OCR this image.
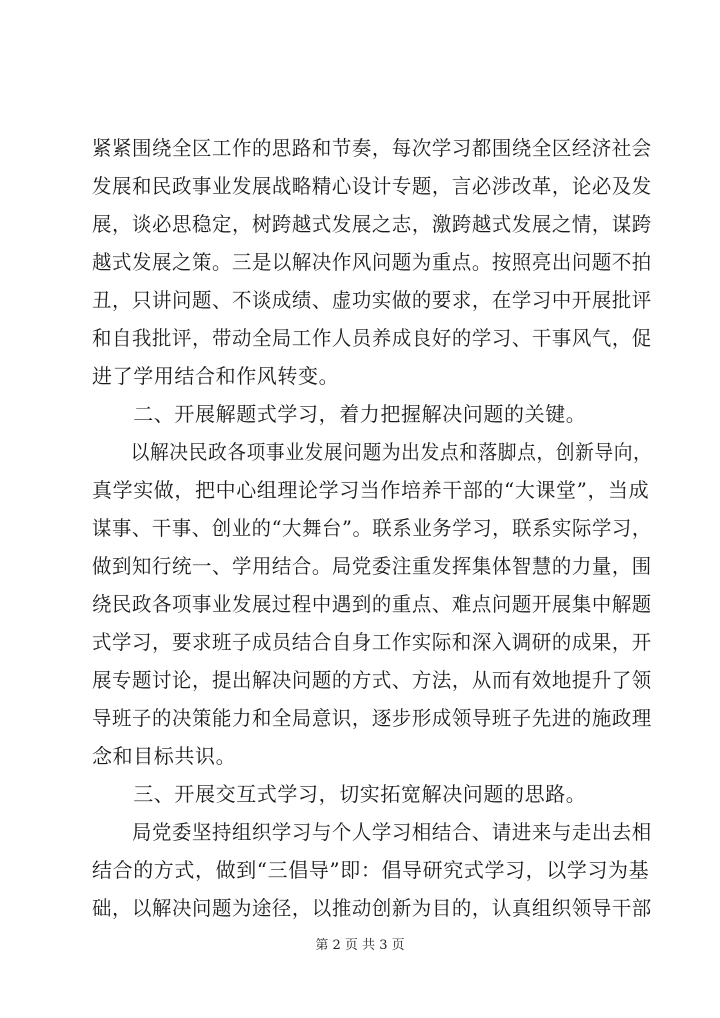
紧紧围绕全区工作的思路和节奏，每次学习都围绕全区经济社会
发展和民政事业发展战略精心设计专题，言必涉改革，论必及发
展，谈必思稳定，树跨越式发展之志，激跨越式发展之情，谋跨
越式发展之策。三是以解决作风问题为重点。按照亮出问题不拍
丑，只讲问题、不谈成绩、虚功实做的要求，在学习中开展批评
和自我批评，带动全局工作人员养成良好的学习、干事风气，促
进了学用结合和作风转变。
　　二、开展解题式学习，着力把握解决问题的关键。
　　以解决民政各项事业发展问题为出发点和落脚点，创新导向，
真学实做，把中心组理论学习当作培养干部的“大课堂”，当成
谋事、干事、创业的“大舞台”。联系业务学习，联系实际学习，
做到知行统一、学用结合。局党委注重发挥集体智慧的力量，围
绕民政各项事业发展过程中遇到的重点、难点问题开展集中解题
式学习，要求班子成员结合自身工作实际和深入调研的成果，开
展专题讨论，提出解决问题的方式、方法，从而有效地提升了领
导班子的决策能力和全局意识，逐步形成领导班子先进的施政理
念和目标共识。
　　三、开展交互式学习，切实拓宽解决问题的思路。
　　局党委坚持组织学习与个人学习相结合、请进来与走出去相
结合的方式，做到“三倡导”即：倡导研究式学习，以学习为基
础，以解决问题为途径，以推动创新为目的，认真组织领导干部
第 2 页 共 3 页
